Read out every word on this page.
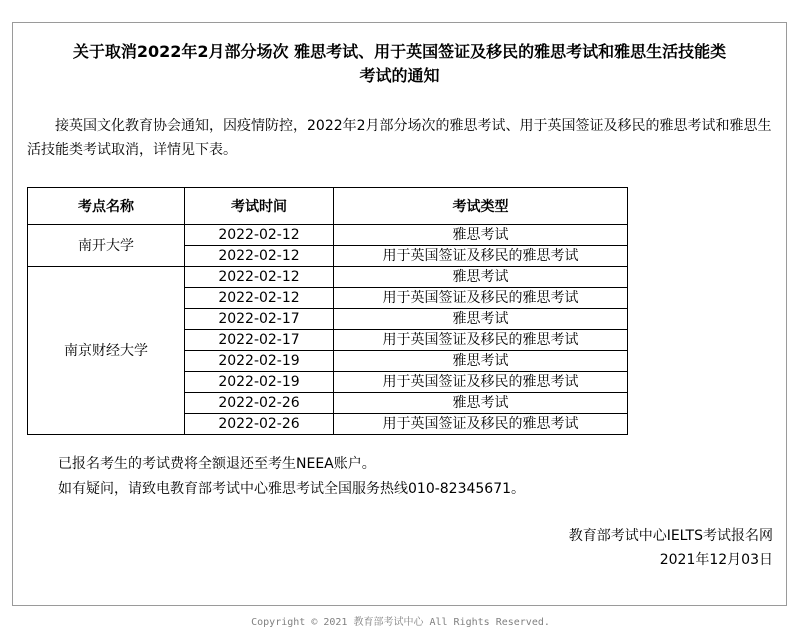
关于取消2022年2月部分场次 雅思考试、用于英国签证及移民的雅思考试和雅思生活技能类
考试的通知

接英国文化教育协会通知，因疫情防控，2022年2月部分场次的雅思考试、用于英国签证及移民的雅思考试和雅思生活技能类考试取消，详情见下表。

考点名称	考试时间	考试类型
南开大学	2022-02-12	雅思考试
	2022-02-12	用于英国签证及移民的雅思考试
南京财经大学	2022-02-12	雅思考试
	2022-02-12	用于英国签证及移民的雅思考试
	2022-02-17	雅思考试
	2022-02-17	用于英国签证及移民的雅思考试
	2022-02-19	雅思考试
	2022-02-19	用于英国签证及移民的雅思考试
	2022-02-26	雅思考试
	2022-02-26	用于英国签证及移民的雅思考试

已报名考生的考试费将全额退还至考生NEEA账户。

如有疑问，请致电教育部考试中心雅思考试全国服务热线010-82345671。

教育部考试中心IELTS考试报名网

2021年12月03日

Copyright © 2021 教育部考试中心 All Rights Reserved.
